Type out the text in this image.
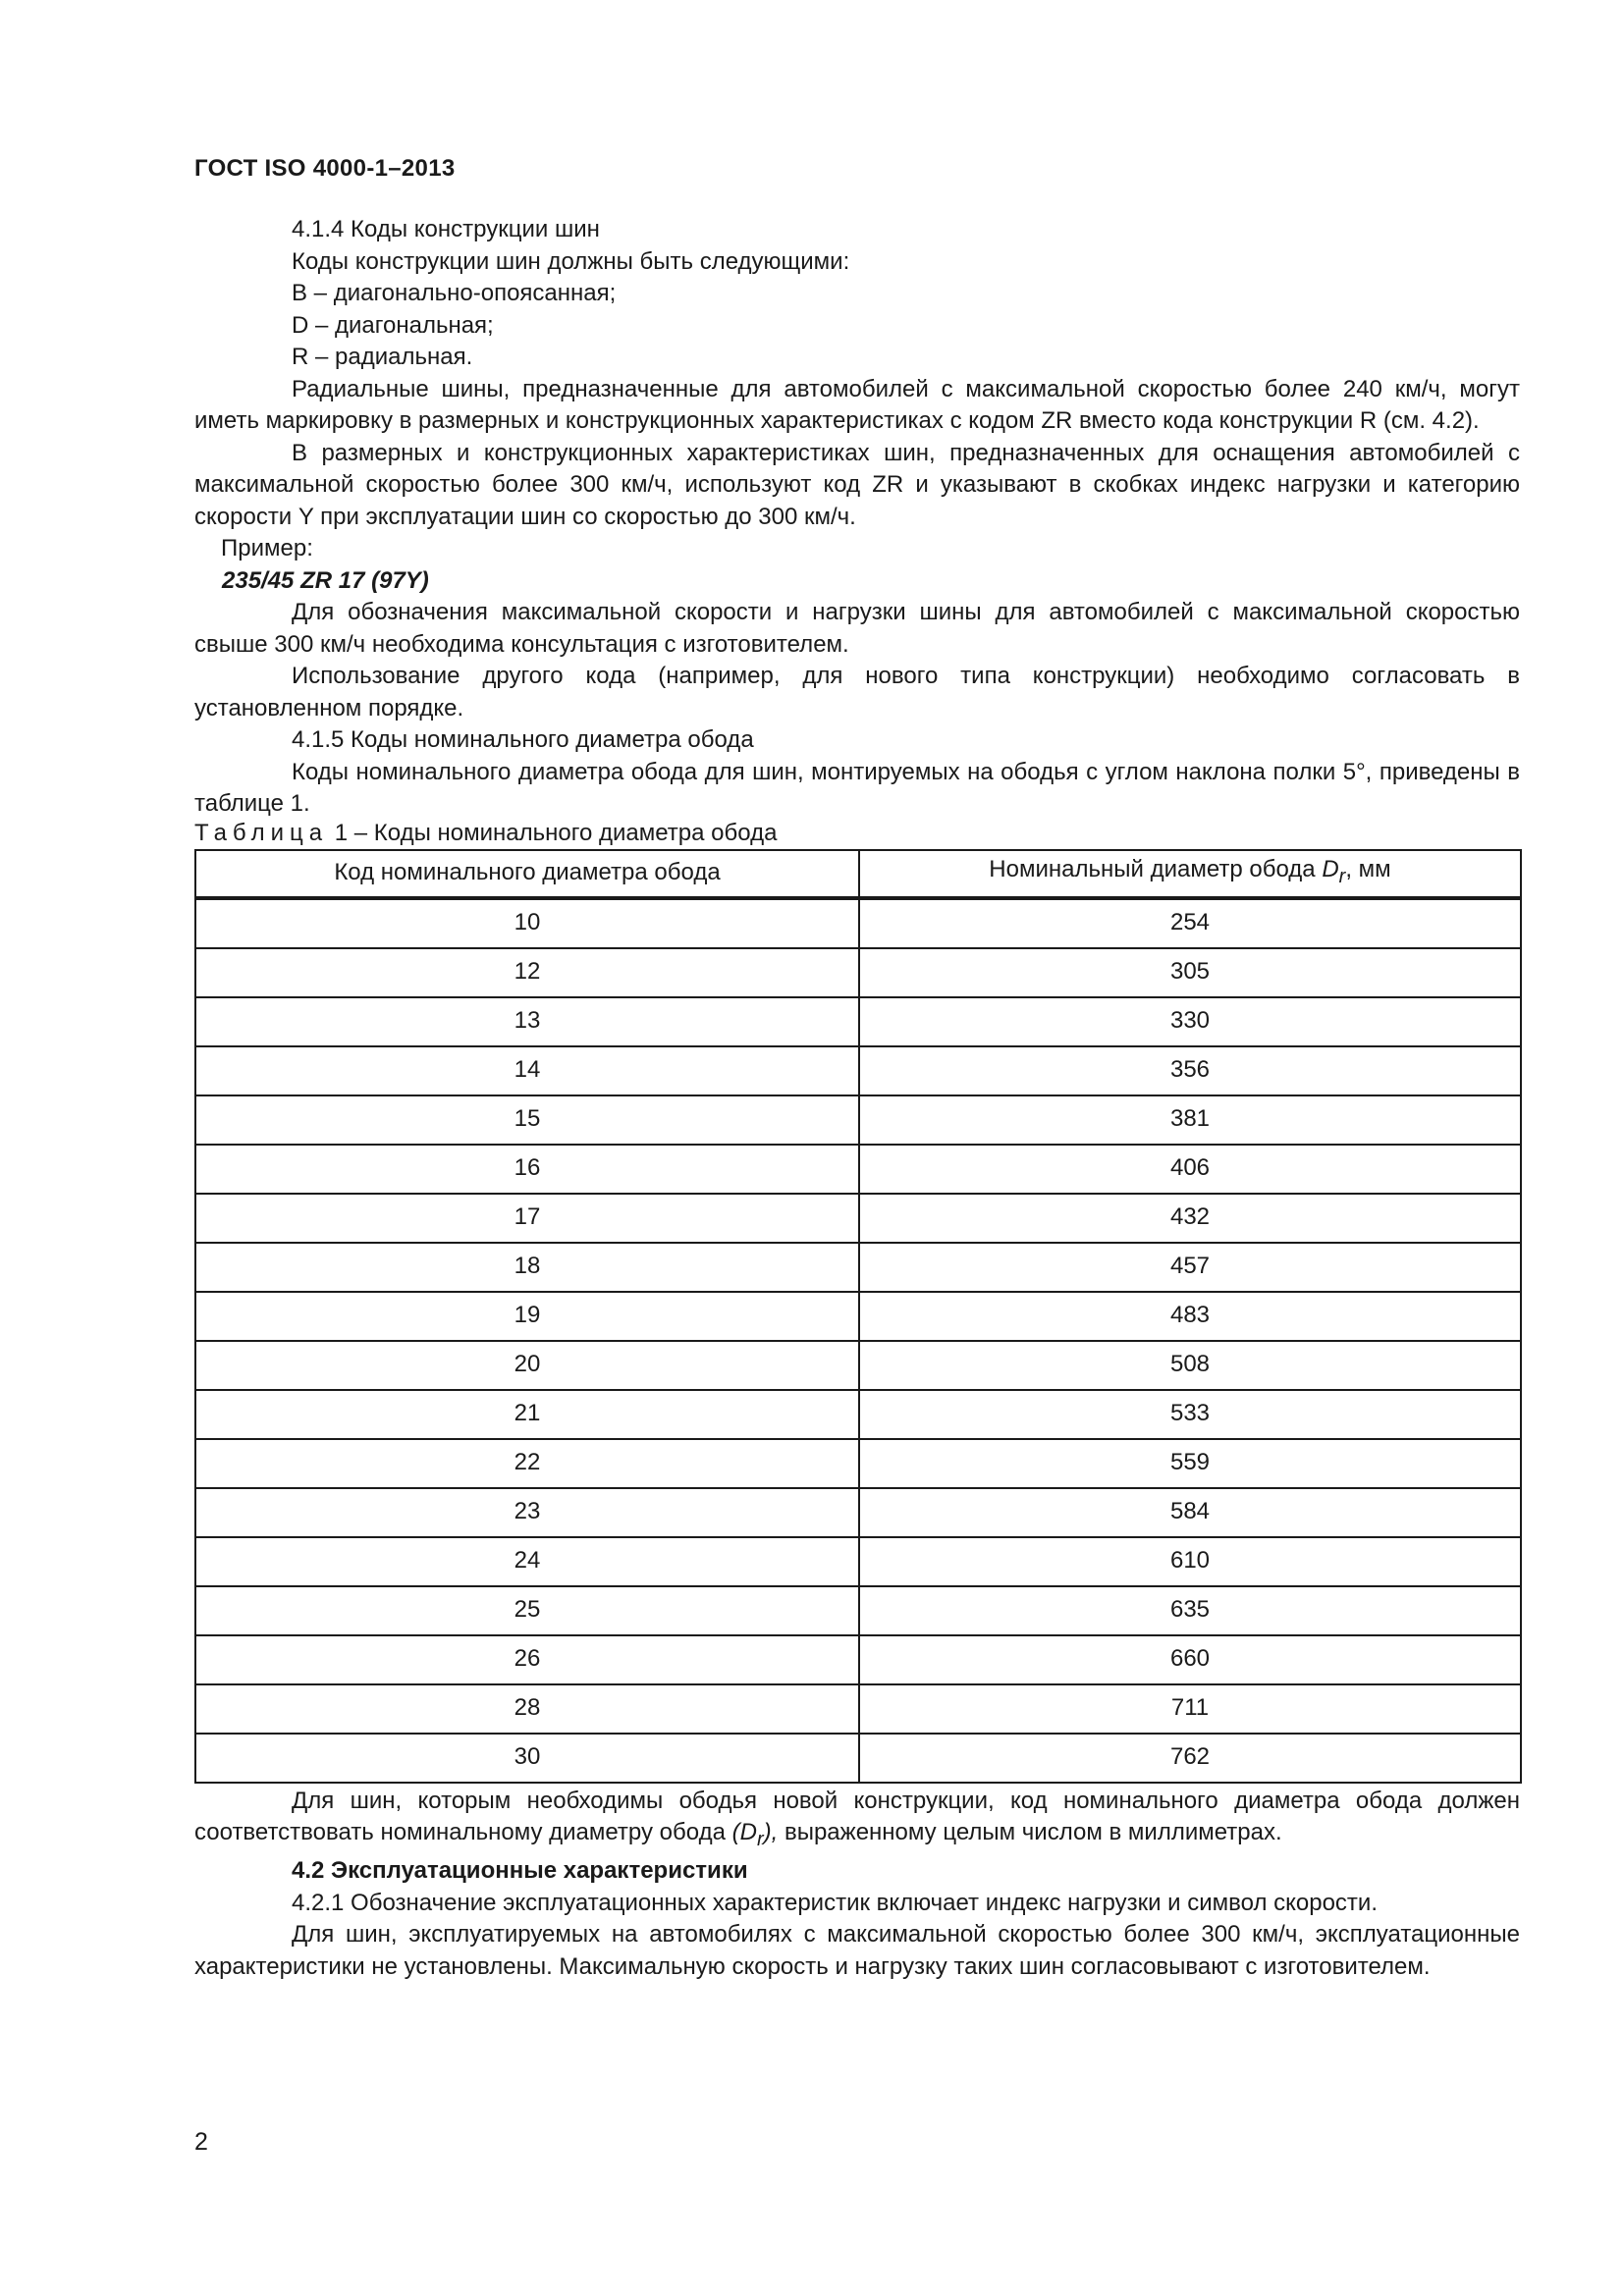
ГОСТ ISO 4000-1–2013

4.1.4 Коды конструкции шин

Коды конструкции шин должны быть следующими:

В – диагонально-опоясанная;

D – диагональная;

R – радиальная.

Радиальные шины, предназначенные для автомобилей с максимальной скоростью более 240 км/ч, могут иметь маркировку в размерных и конструкционных характеристиках с кодом ZR вместо кода конструкции R (см. 4.2).

В размерных и конструкционных характеристиках шин, предназначенных для оснащения автомобилей с максимальной скоростью более 300 км/ч, используют код ZR и указывают в скобках индекс нагрузки и категорию скорости Y при эксплуатации шин со скоростью до 300 км/ч.

Пример:

235/45 ZR 17 (97Y)

Для обозначения максимальной скорости и нагрузки шины для автомобилей с максимальной скоростью свыше 300 км/ч необходима консультация с изготовителем.

Использование другого кода (например, для нового типа конструкции) необходимо согласовать в установленном порядке.

4.1.5 Коды номинального диаметра обода

Коды номинального диаметра обода для шин, монтируемых на ободья с углом наклона полки 5°, приведены в таблице 1.

Таблица 1 – Коды номинального диаметра обода

Код номинального диаметра обода	Номинальный диаметр обода $D_r$, мм
10	254
12	305
13	330
14	356
15	381
16	406
17	432
18	457
19	483
20	508
21	533
22	559
23	584
24	610
25	635
26	660
28	711
30	762

Для шин, которым необходимы ободья новой конструкции, код номинального диаметра обода должен соответствовать номинальному диаметру обода $(D_r)$, выраженному целым числом в миллиметрах.

4.2 Эксплуатационные характеристики

4.2.1 Обозначение эксплуатационных характеристик включает индекс нагрузки и символ скорости.

Для шин, эксплуатируемых на автомобилях с максимальной скоростью более 300 км/ч, эксплуатационные характеристики не установлены. Максимальную скорость и нагрузку таких шин согласовывают с изготовителем.

2
